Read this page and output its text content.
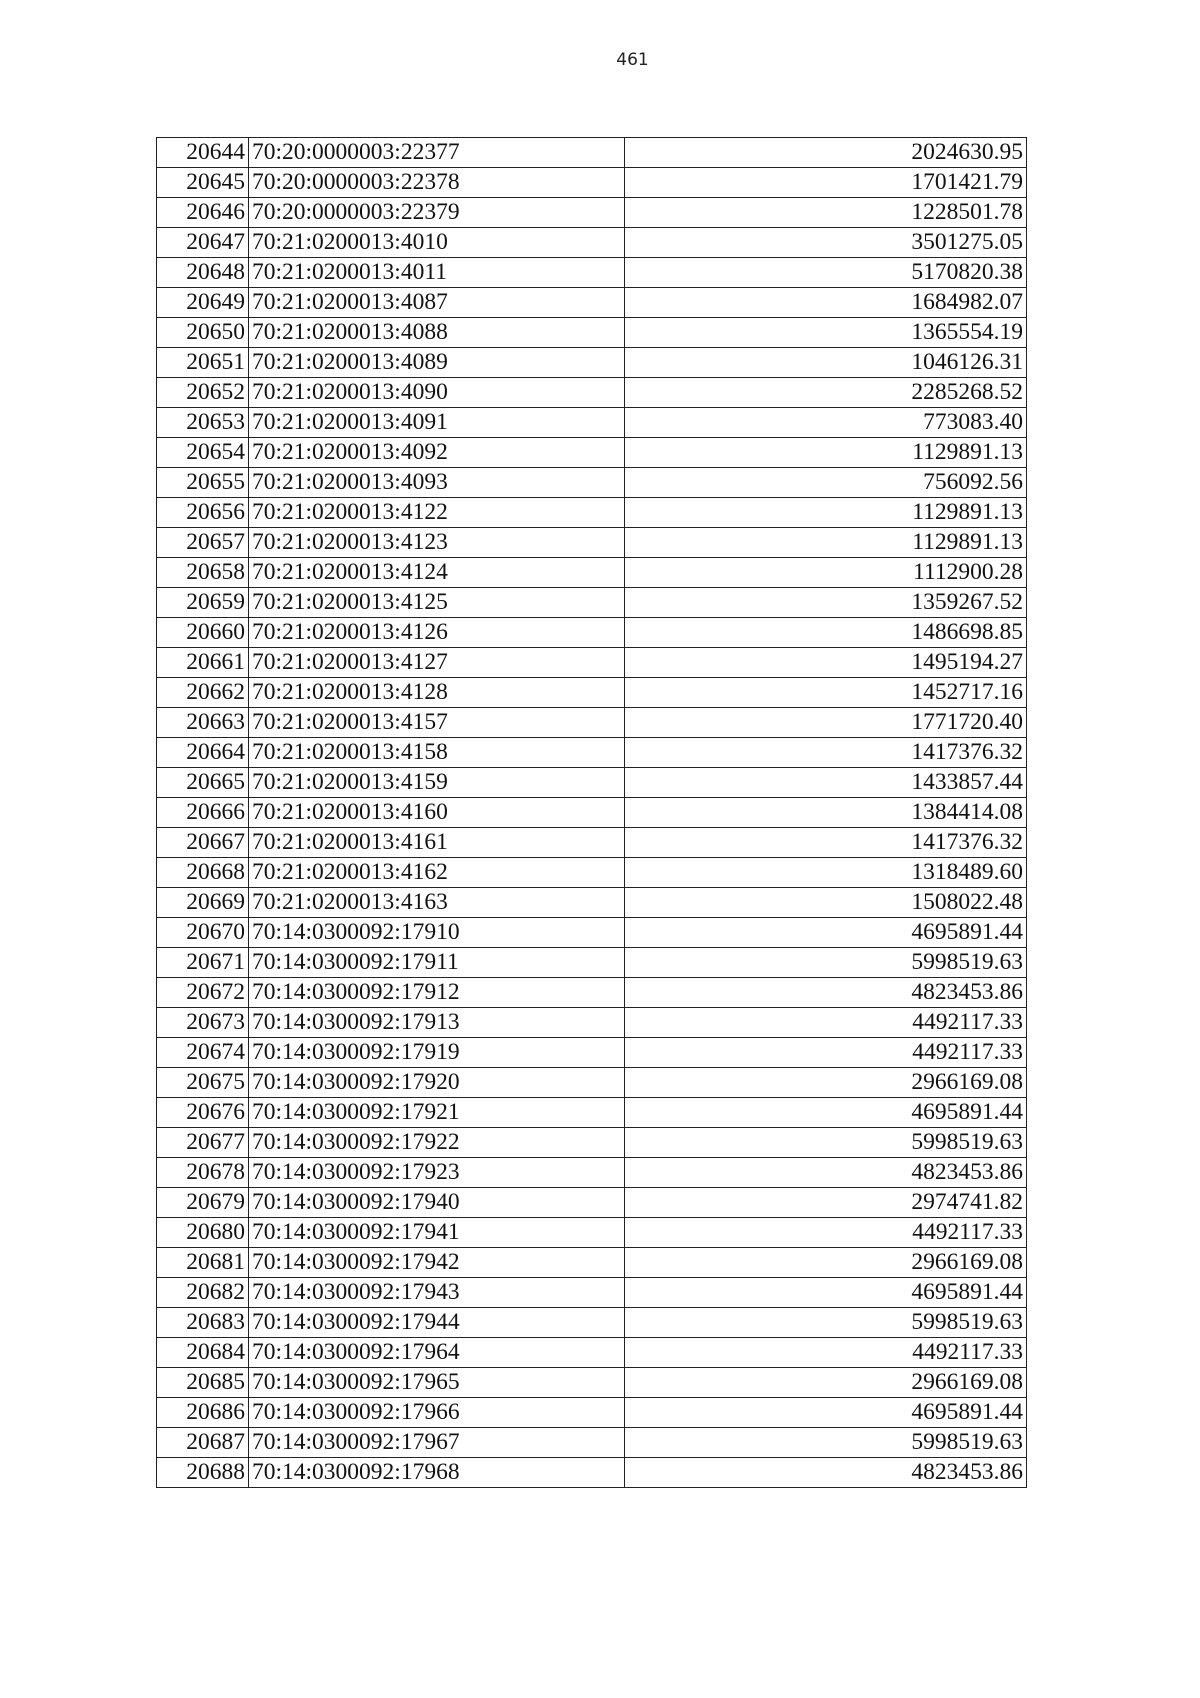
461
20644	70:20:0000003:22377	2024630.95
20645	70:20:0000003:22378	1701421.79
20646	70:20:0000003:22379	1228501.78
20647	70:21:0200013:4010	3501275.05
20648	70:21:0200013:4011	5170820.38
20649	70:21:0200013:4087	1684982.07
20650	70:21:0200013:4088	1365554.19
20651	70:21:0200013:4089	1046126.31
20652	70:21:0200013:4090	2285268.52
20653	70:21:0200013:4091	773083.40
20654	70:21:0200013:4092	1129891.13
20655	70:21:0200013:4093	756092.56
20656	70:21:0200013:4122	1129891.13
20657	70:21:0200013:4123	1129891.13
20658	70:21:0200013:4124	1112900.28
20659	70:21:0200013:4125	1359267.52
20660	70:21:0200013:4126	1486698.85
20661	70:21:0200013:4127	1495194.27
20662	70:21:0200013:4128	1452717.16
20663	70:21:0200013:4157	1771720.40
20664	70:21:0200013:4158	1417376.32
20665	70:21:0200013:4159	1433857.44
20666	70:21:0200013:4160	1384414.08
20667	70:21:0200013:4161	1417376.32
20668	70:21:0200013:4162	1318489.60
20669	70:21:0200013:4163	1508022.48
20670	70:14:0300092:17910	4695891.44
20671	70:14:0300092:17911	5998519.63
20672	70:14:0300092:17912	4823453.86
20673	70:14:0300092:17913	4492117.33
20674	70:14:0300092:17919	4492117.33
20675	70:14:0300092:17920	2966169.08
20676	70:14:0300092:17921	4695891.44
20677	70:14:0300092:17922	5998519.63
20678	70:14:0300092:17923	4823453.86
20679	70:14:0300092:17940	2974741.82
20680	70:14:0300092:17941	4492117.33
20681	70:14:0300092:17942	2966169.08
20682	70:14:0300092:17943	4695891.44
20683	70:14:0300092:17944	5998519.63
20684	70:14:0300092:17964	4492117.33
20685	70:14:0300092:17965	2966169.08
20686	70:14:0300092:17966	4695891.44
20687	70:14:0300092:17967	5998519.63
20688	70:14:0300092:17968	4823453.86
